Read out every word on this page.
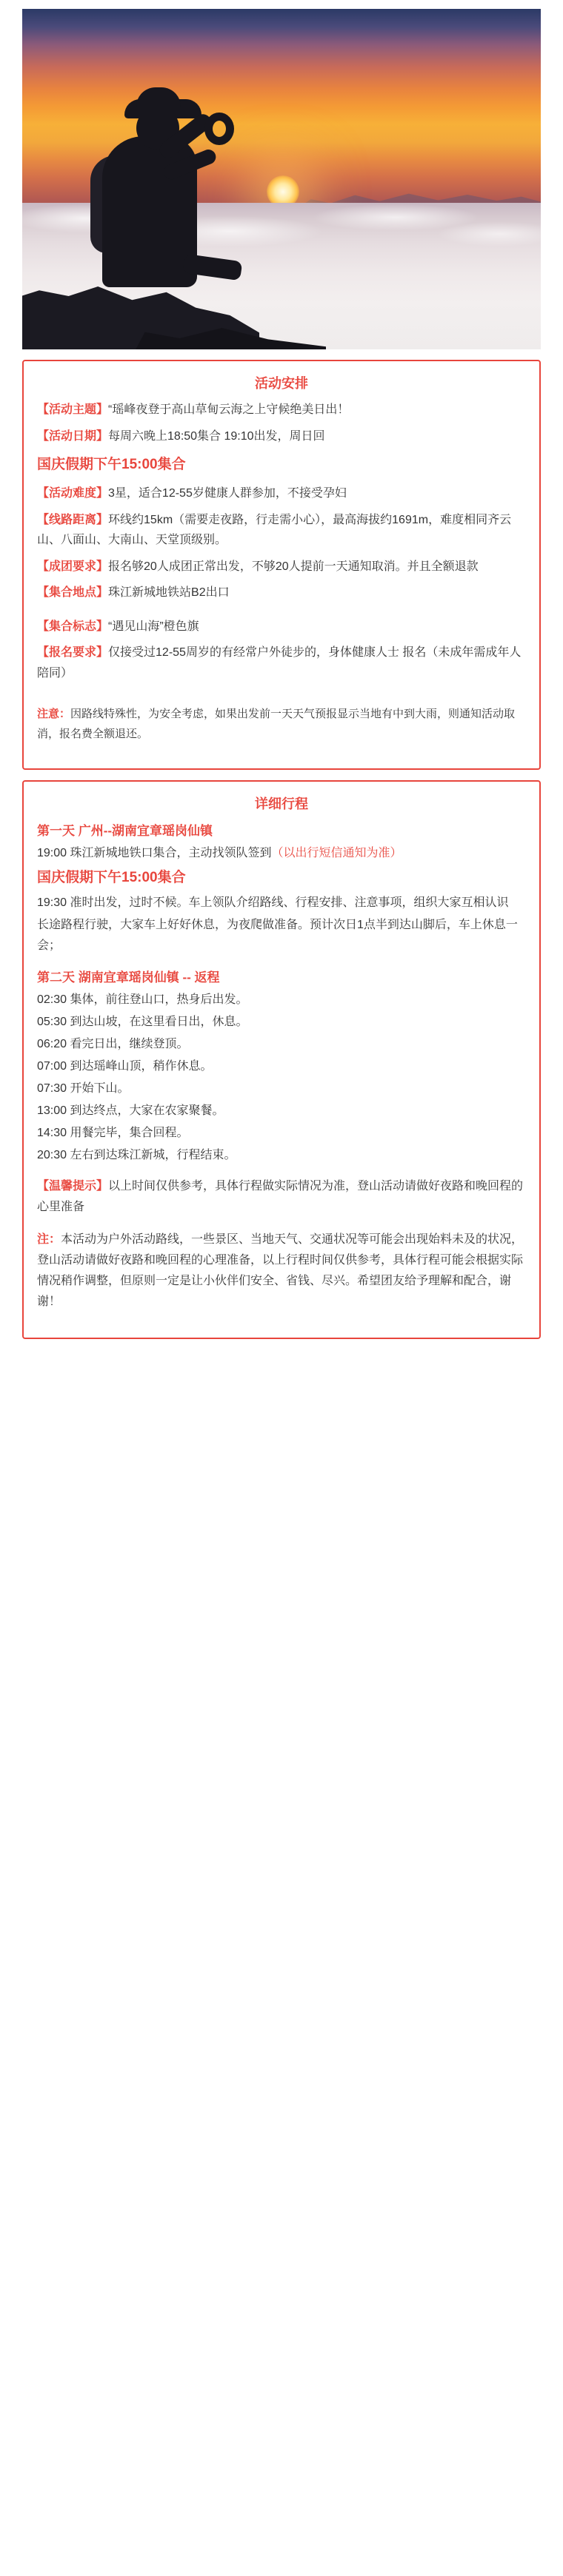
活动安排

【活动主题】“瑶峰夜登于高山草甸云海之上守候绝美日出！

【活动日期】每周六晚上18:50集合 19:10出发，周日回

国庆假期下午15:00集合

【活动难度】3星，适合12-55岁健康人群参加，不接受孕妇

【线路距离】环线约15km（需要走夜路，行走需小心），最高海拔约1691m，难度相同齐云山、八面山、大南山、天堂顶级别。

【成团要求】报名够20人成团正常出发，不够20人提前一天通知取消。并且全额退款

【集合地点】珠江新城地铁站B2出口

【集合标志】“遇见山海”橙色旗

【报名要求】仅接受过12-55周岁的有经常户外徒步的，身体健康人士 报名（未成年需成年人陪同）

注意：因路线特殊性，为安全考虑，如果出发前一天天气预报显示当地有中到大雨，则通知活动取消，报名费全额退还。

详细行程
第一天 广州--湖南宜章瑶岗仙镇

19:00 珠江新城地铁口集合，主动找领队签到（以出行短信通知为准）

国庆假期下午15:00集合

19:30 准时出发，过时不候。车上领队介绍路线、行程安排、注意事项，组织大家互相认识

长途路程行驶，大家车上好好休息，为夜爬做准备。预计次日1点半到达山脚后，车上休息一会；

第二天 湖南宜章瑶岗仙镇 -- 返程

02:30 集体，前往登山口，热身后出发。

05:30 到达山坡，在这里看日出，休息。

06:20 看完日出，继续登顶。

07:00 到达瑶峰山顶，稍作休息。

07:30 开始下山。

13:00 到达终点，大家在农家聚餐。

14:30 用餐完毕，集合回程。

20:30 左右到达珠江新城，行程结束。

【温馨提示】以上时间仅供参考，具体行程做实际情况为准，登山活动请做好夜路和晚回程的心里准备

注：本活动为户外活动路线，一些景区、当地天气、交通状况等可能会出现始料未及的状况，登山活动请做好夜路和晚回程的心理准备，以上行程时间仅供参考，具体行程可能会根据实际情况稍作调整，但原则一定是让小伙伴们安全、省钱、尽兴。希望团友给予理解和配合，谢谢！
